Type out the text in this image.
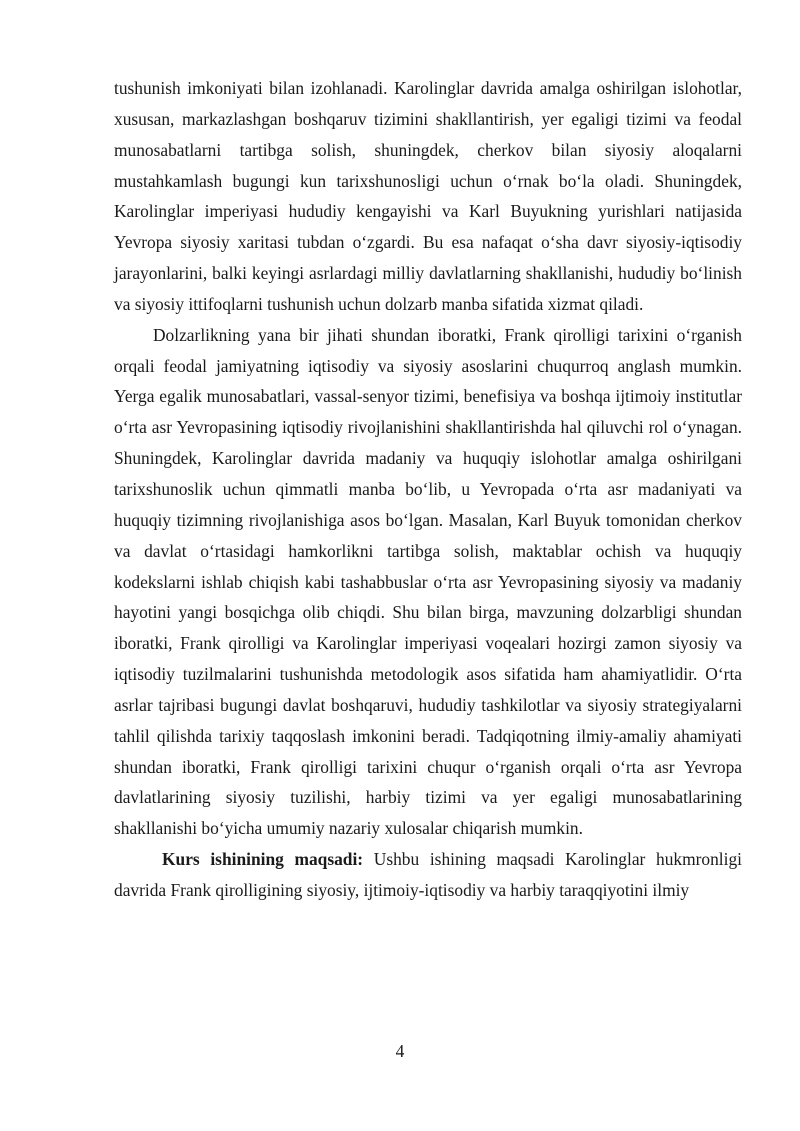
tushunish imkoniyati bilan izohlanadi. Karolinglar davrida amalga oshirilgan islohotlar, xususan, markazlashgan boshqaruv tizimini shakllantirish, yer egaligi tizimi va feodal munosabatlarni tartibga solish, shuningdek, cherkov bilan siyosiy aloqalarni mustahkamlash bugungi kun tarixshunosligi uchun o‘rnak bo‘la oladi. Shuningdek, Karolinglar imperiyasi hududiy kengayishi va Karl Buyukning yurishlari natijasida Yevropa siyosiy xaritasi tubdan o‘zgardi. Bu esa nafaqat o‘sha davr siyosiy-iqtisodiy jarayonlarini, balki keyingi asrlardagi milliy davlatlarning shakllanishi, hududiy bo‘linish va siyosiy ittifoqlarni tushunish uchun dolzarb manba sifatida xizmat qiladi.

Dolzarlikning yana bir jihati shundan iboratki, Frank qirolligi tarixini o‘rganish orqali feodal jamiyatning iqtisodiy va siyosiy asoslarini chuqurroq anglash mumkin. Yerga egalik munosabatlari, vassal-senyor tizimi, benefisiya va boshqa ijtimoiy institutlar o‘rta asr Yevropasining iqtisodiy rivojlanishini shakllantirishda hal qiluvchi rol o‘ynagan. Shuningdek, Karolinglar davrida madaniy va huquqiy islohotlar amalga oshirilgani tarixshunoslik uchun qimmatli manba bo‘lib, u Yevropada o‘rta asr madaniyati va huquqiy tizimning rivojlanishiga asos bo‘lgan. Masalan, Karl Buyuk tomonidan cherkov va davlat o‘rtasidagi hamkorlikni tartibga solish, maktablar ochish va huquqiy kodekslarni ishlab chiqish kabi tashabbuslar o‘rta asr Yevropasining siyosiy va madaniy hayotini yangi bosqichga olib chiqdi. Shu bilan birga, mavzuning dolzarbligi shundan iboratki, Frank qirolligi va Karolinglar imperiyasi voqealari hozirgi zamon siyosiy va iqtisodiy tuzilmalarini tushunishda metodologik asos sifatida ham ahamiyatlidir. O‘rta asrlar tajribasi bugungi davlat boshqaruvi, hududiy tashkilotlar va siyosiy strategiyalarni tahlil qilishda tarixiy taqqoslash imkonini beradi. Tadqiqotning ilmiy-amaliy ahamiyati shundan iboratki, Frank qirolligi tarixini chuqur o‘rganish orqali o‘rta asr Yevropa davlatlarining siyosiy tuzilishi, harbiy tizimi va yer egaligi munosabatlarining shakllanishi bo‘yicha umumiy nazariy xulosalar chiqarish mumkin.

Kurs ishinining maqsadi: Ushbu ishining maqsadi Karolinglar hukmronligi davrida Frank qirolligining siyosiy, ijtimoiy-iqtisodiy va harbiy taraqqiyotini ilmiy

4
